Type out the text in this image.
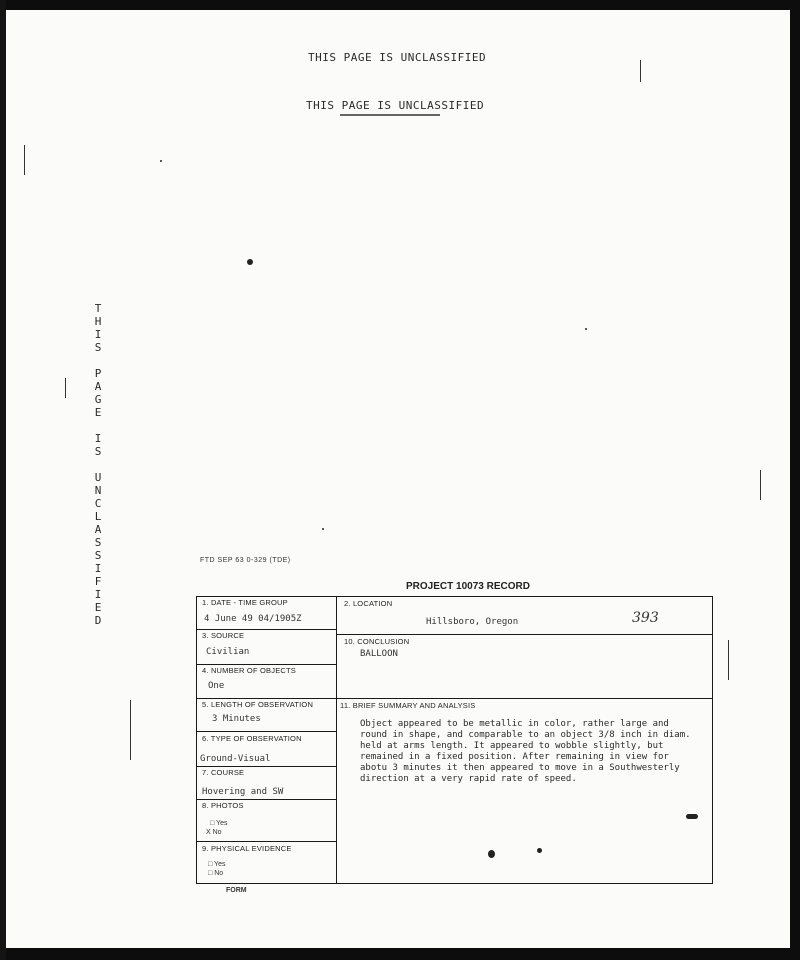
THIS PAGE IS UNCLASSIFIED
THIS PAGE IS UNCLASSIFIED
T
H
I
S

P
A
G
E

I
S

U
N
C
L
A
S
S
I
F
I
E
D
FTD SEP 63 0-329 (TDE)
PROJECT 10073 RECORD
1. DATE - TIME GROUP
4 June 49 04/1905Z
2. LOCATION
Hillsboro, Oregon	393
3. SOURCE
Civilian
10. CONCLUSION
BALLOON
4. NUMBER OF OBJECTS
One
5. LENGTH OF OBSERVATION
3 Minutes
11. BRIEF SUMMARY AND ANALYSIS
Object appeared to be metallic in color, rather large and
round in shape, and comparable to an object 3/8 inch in diam.
held at arms length. It appeared to wobble slightly, but
remained in a fixed position. After remaining in view for
abotu 3 minutes it then appeared to move in a Southwesterly
direction at a very rapid rate of speed.
6. TYPE OF OBSERVATION
Ground-Visual
7. COURSE
Hovering and SW
8. PHOTOS
□ Yes
X No
9. PHYSICAL EVIDENCE
□ Yes
□ No
FORM
